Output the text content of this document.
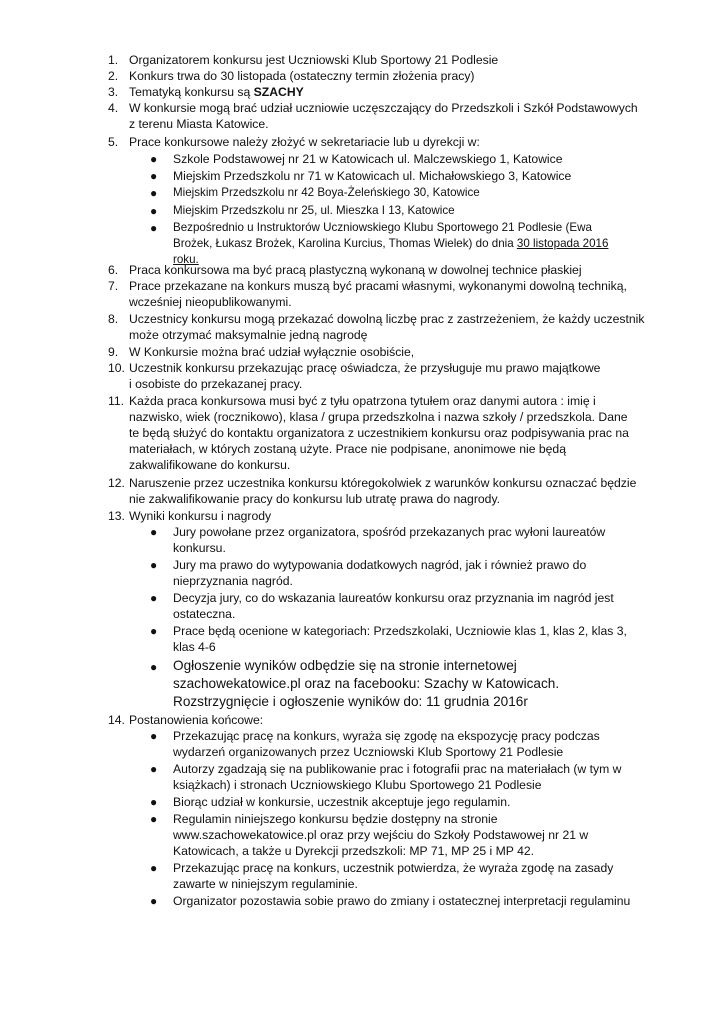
1. Organizatorem konkursu jest Uczniowski Klub Sportowy 21 Podlesie
2. Konkurs trwa do 30 listopada (ostateczny termin złożenia pracy)
3. Tematyką konkursu są SZACHY
4. W konkursie mogą brać udział uczniowie uczęszczający do Przedszkoli i Szkół Podstawowych
z terenu Miasta Katowice.
5. Prace konkursowe należy złożyć w sekretariacie lub u dyrekcji w:
● Szkole Podstawowej nr 21 w Katowicach ul. Malczewskiego 1, Katowice
● Miejskim Przedszkolu nr 71 w Katowicach ul. Michałowskiego 3, Katowice
● Miejskim Przedszkolu nr 42 Boya-Żeleńskiego 30, Katowice
● Miejskim Przedszkolu nr 25, ul. Mieszka I 13, Katowice
● Bezpośrednio u Instruktorów Uczniowskiego Klubu Sportowego 21 Podlesie (Ewa
Brożek, Łukasz Brożek, Karolina Kurcius, Thomas Wielek) do dnia 30 listopada 2016
roku.
6. Praca konkursowa ma być pracą plastyczną wykonaną w dowolnej technice płaskiej
7. Prace przekazane na konkurs muszą być pracami własnymi, wykonanymi dowolną techniką,
wcześniej nieopublikowanymi.
8. Uczestnicy konkursu mogą przekazać dowolną liczbę prac z zastrzeżeniem, że każdy uczestnik
może otrzymać maksymalnie jedną nagrodę
9. W Konkursie można brać udział wyłącznie osobiście,
10. Uczestnik konkursu przekazując pracę oświadcza, że przysługuje mu prawo majątkowe
i osobiste do przekazanej pracy.
11. Każda praca konkursowa musi być z tyłu opatrzona tytułem oraz danymi autora : imię i
nazwisko, wiek (rocznikowo), klasa / grupa przedszkolna i nazwa szkoły / przedszkola. Dane
te będą służyć do kontaktu organizatora z uczestnikiem konkursu oraz podpisywania prac na
materiałach, w których zostaną użyte. Prace nie podpisane, anonimowe nie będą
zakwalifikowane do konkursu.
12. Naruszenie przez uczestnika konkursu któregokolwiek z warunków konkursu oznaczać będzie
nie zakwalifikowanie pracy do konkursu lub utratę prawa do nagrody.
13. Wyniki konkursu i nagrody
● Jury powołane przez organizatora, spośród przekazanych prac wyłoni laureatów
konkursu.
● Jury ma prawo do wytypowania dodatkowych nagród, jak i również prawo do
nieprzyznania nagród.
● Decyzja jury, co do wskazania laureatów konkursu oraz przyznania im nagród jest
ostateczna.
● Prace będą ocenione w kategoriach: Przedszkolaki, Uczniowie klas 1, klas 2, klas 3,
klas 4-6
● Ogłoszenie wyników odbędzie się na stronie internetowej
szachowekatowice.pl oraz na facebooku: Szachy w Katowicach.
Rozstrzygnięcie i ogłoszenie wyników do: 11 grudnia 2016r
14. Postanowienia końcowe:
● Przekazując pracę na konkurs, wyraża się zgodę na ekspozycję pracy podczas
wydarzeń organizowanych przez Uczniowski Klub Sportowy 21 Podlesie
● Autorzy zgadzają się na publikowanie prac i fotografii prac na materiałach (w tym w
książkach) i stronach Uczniowskiego Klubu Sportowego 21 Podlesie
● Biorąc udział w konkursie, uczestnik akceptuje jego regulamin.
● Regulamin niniejszego konkursu będzie dostępny na stronie
www.szachowekatowice.pl oraz przy wejściu do Szkoły Podstawowej nr 21 w
Katowicach, a także u Dyrekcji przedszkoli: MP 71, MP 25 i MP 42.
● Przekazując pracę na konkurs, uczestnik potwierdza, że wyraża zgodę na zasady
zawarte w niniejszym regulaminie.
● Organizator pozostawia sobie prawo do zmiany i ostatecznej interpretacji regulaminu
